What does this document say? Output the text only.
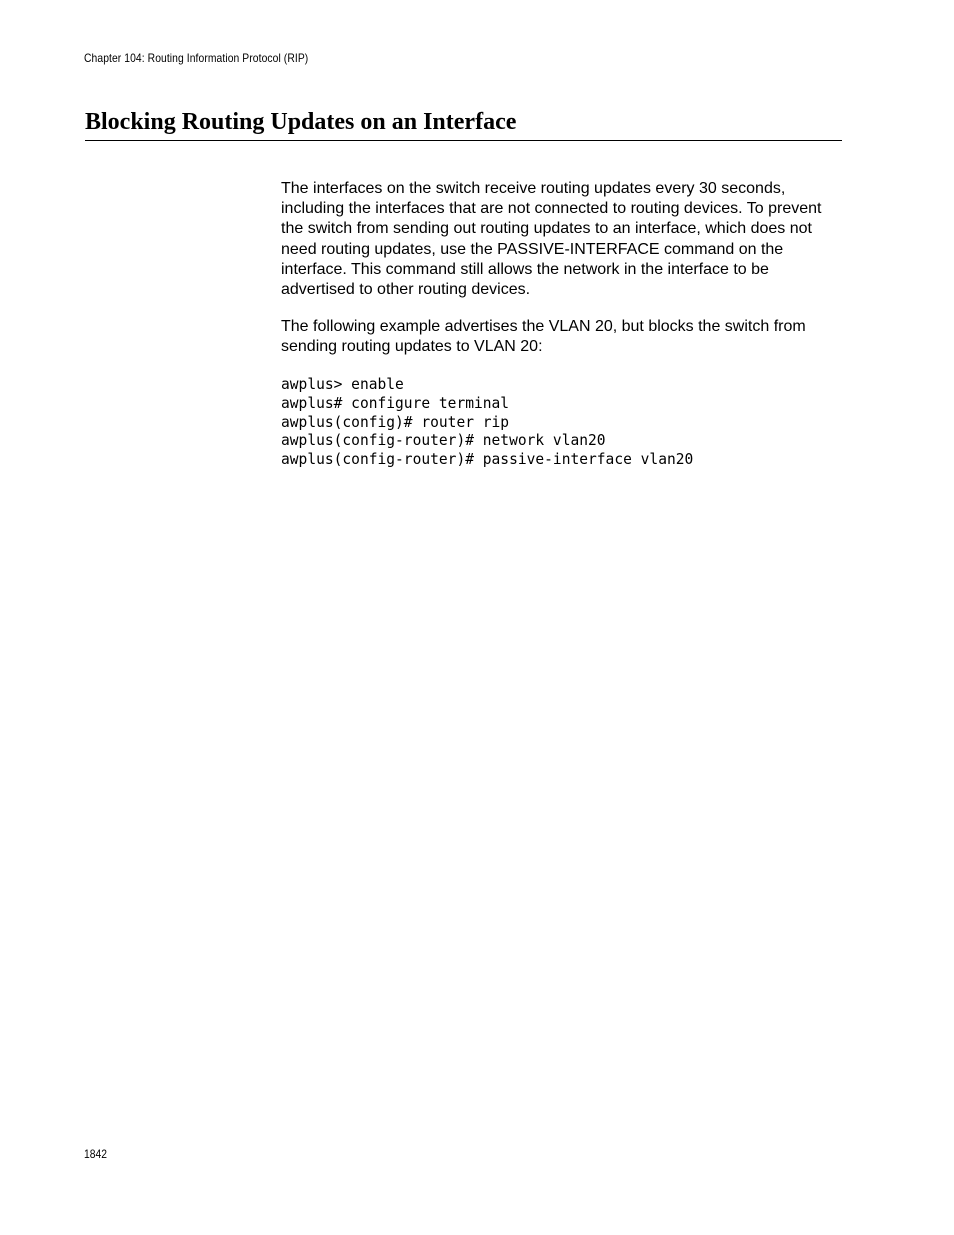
Chapter 104: Routing Information Protocol (RIP)
Blocking Routing Updates on an Interface

The interfaces on the switch receive routing updates every 30 seconds, including the interfaces that are not connected to routing devices. To prevent the switch from sending out routing updates to an interface, which does not need routing updates, use the PASSIVE-INTERFACE command on the interface. This command still allows the network in the interface to be advertised to other routing devices.

The following example advertises the VLAN 20, but blocks the switch from sending routing updates to VLAN 20:

awplus> enable
awplus# configure terminal
awplus(config)# router rip
awplus(config-router)# network vlan20
awplus(config-router)# passive-interface vlan20
1842
